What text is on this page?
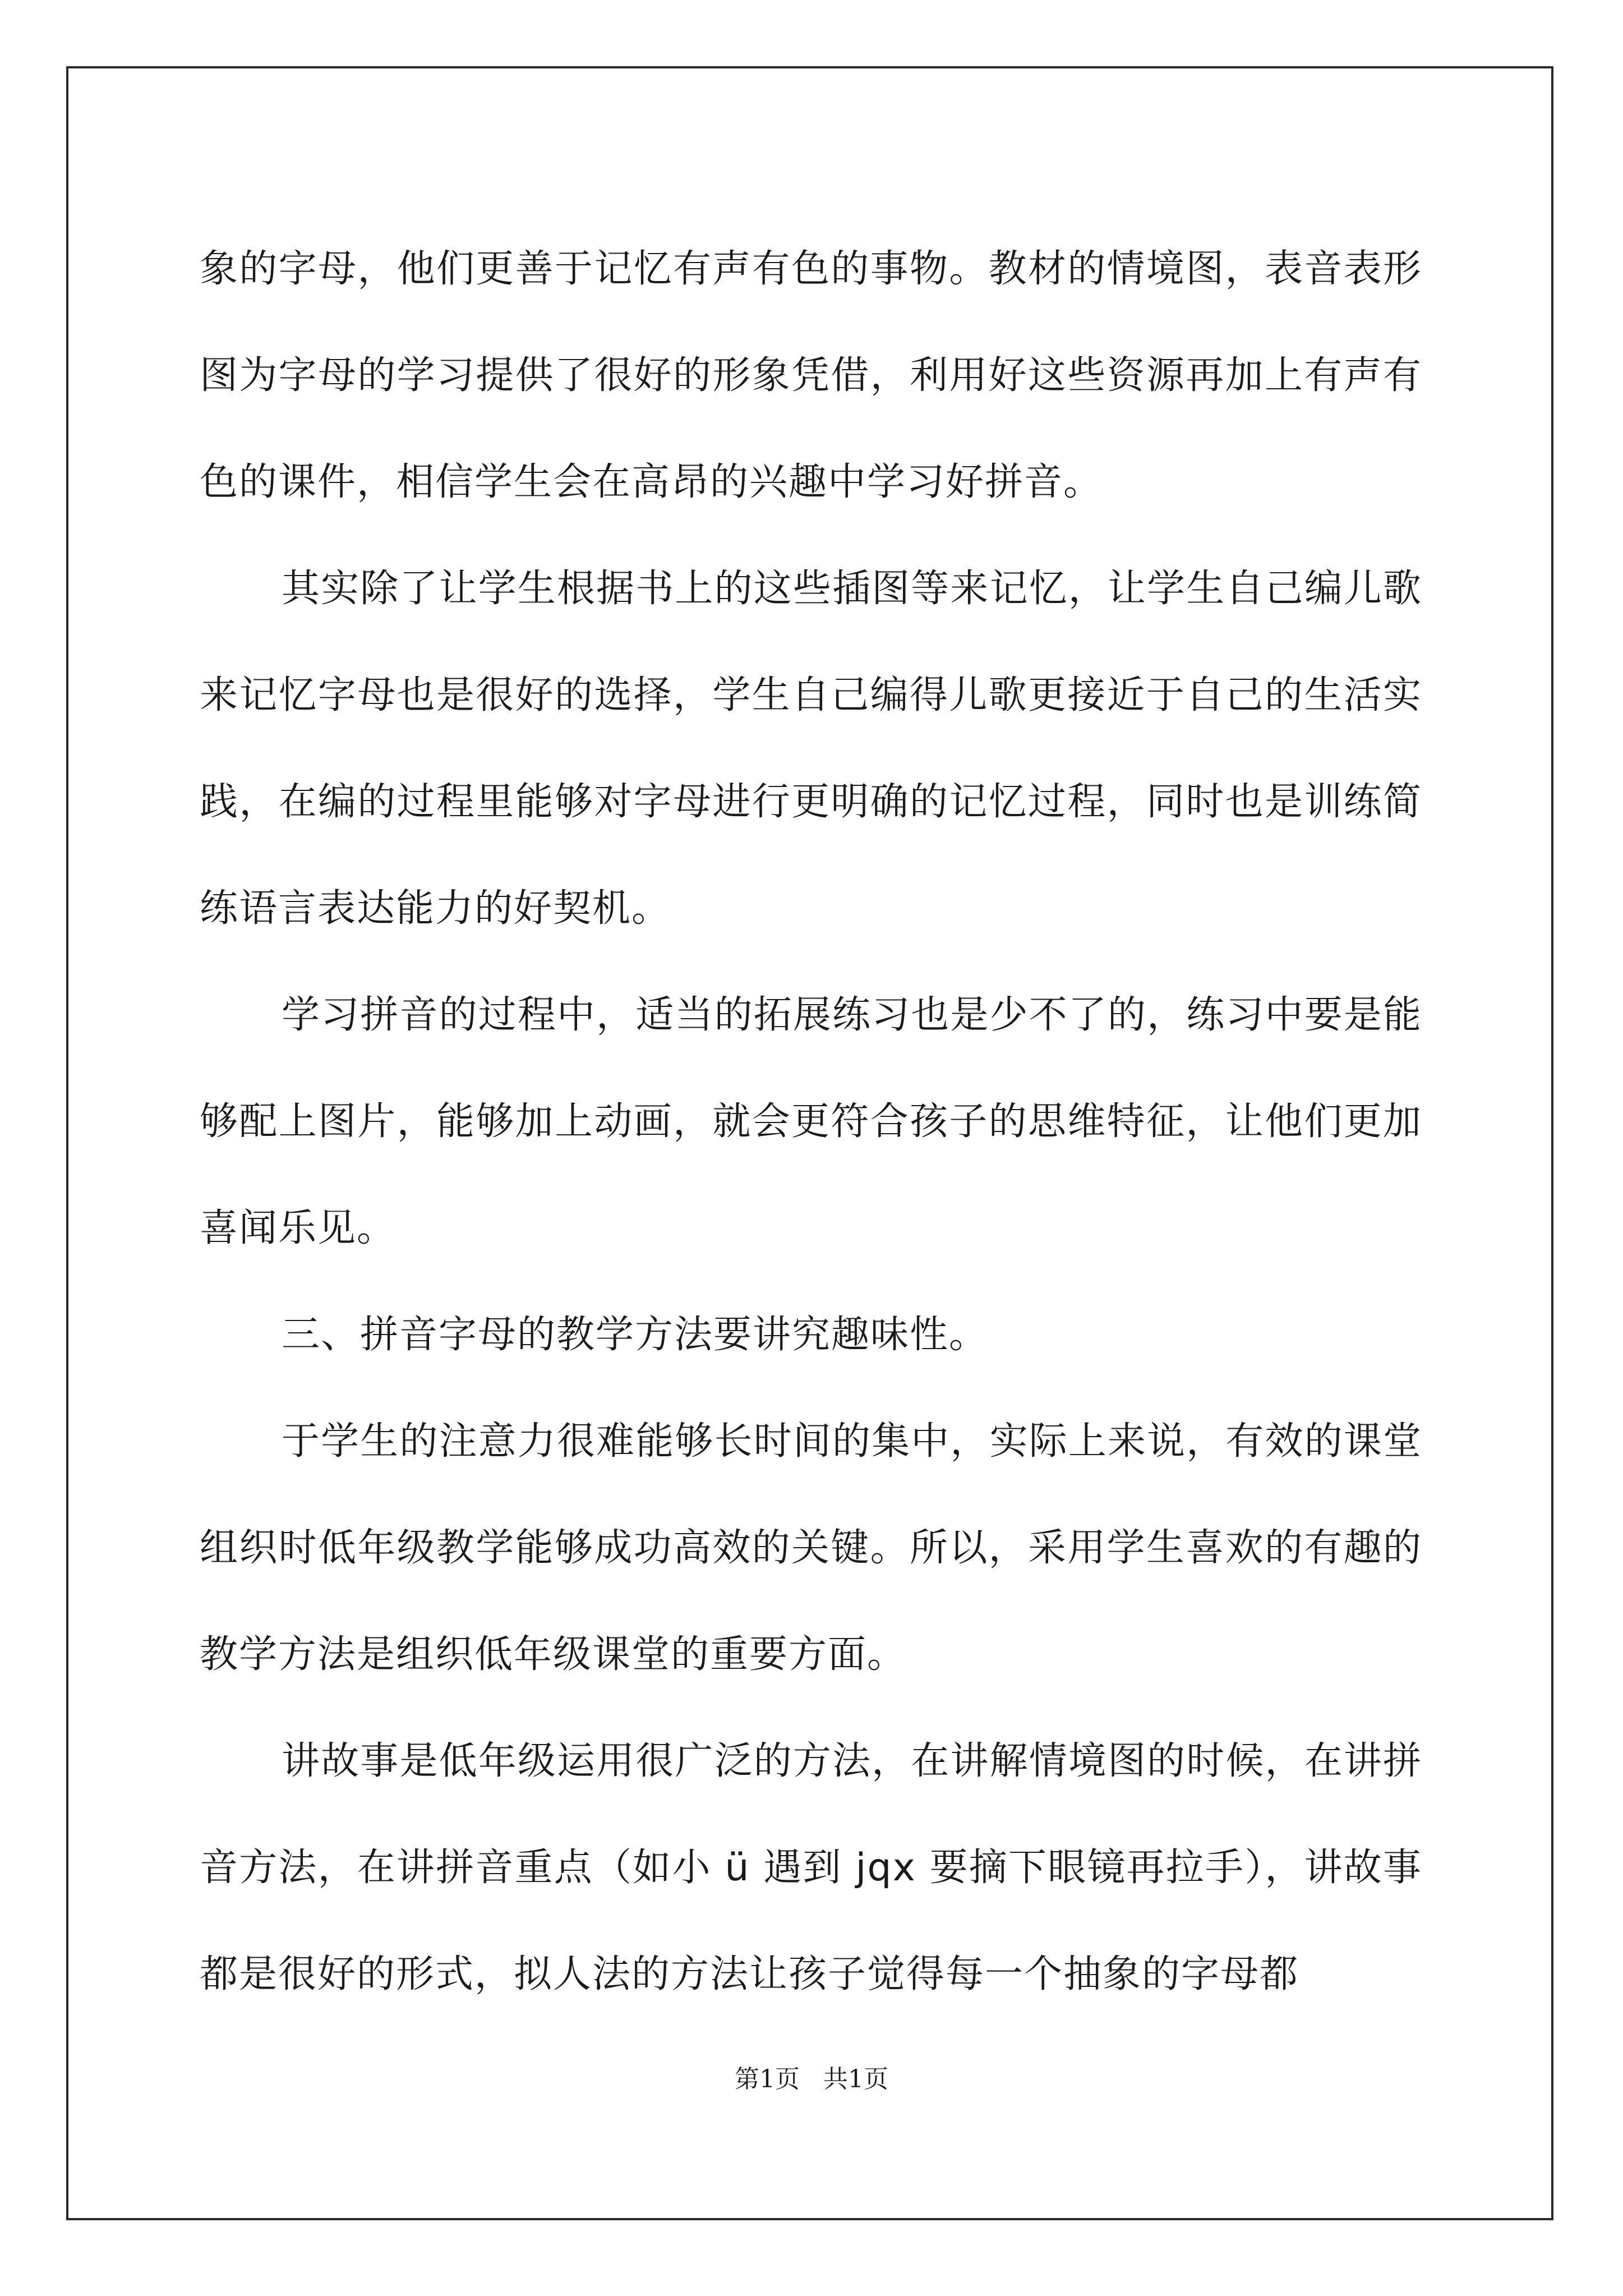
象的字母，他们更善于记忆有声有色的事物。教材的情境图，表音表形图为字母的学习提供了很好的形象凭借，利用好这些资源再加上有声有色的课件，相信学生会在高昂的兴趣中学习好拼音。

其实除了让学生根据书上的这些插图等来记忆，让学生自己编儿歌来记忆字母也是很好的选择，学生自己编得儿歌更接近于自己的生活实践，在编的过程里能够对字母进行更明确的记忆过程，同时也是训练简练语言表达能力的好契机。

学习拼音的过程中，适当的拓展练习也是少不了的，练习中要是能够配上图片，能够加上动画，就会更符合孩子的思维特征，让他们更加喜闻乐见。

三、拼音字母的教学方法要讲究趣味性。

于学生的注意力很难能够长时间的集中，实际上来说，有效的课堂组织时低年级教学能够成功高效的关键。所以，采用学生喜欢的有趣的教学方法是组织低年级课堂的重要方面。

讲故事是低年级运用很广泛的方法，在讲解情境图的时候，在讲拼音方法，在讲拼音重点（如小 ü 遇到 jqx 要摘下眼镜再拉手），讲故事都是很好的形式，拟人法的方法让孩子觉得每一个抽象的字母都

第1页   共1页
